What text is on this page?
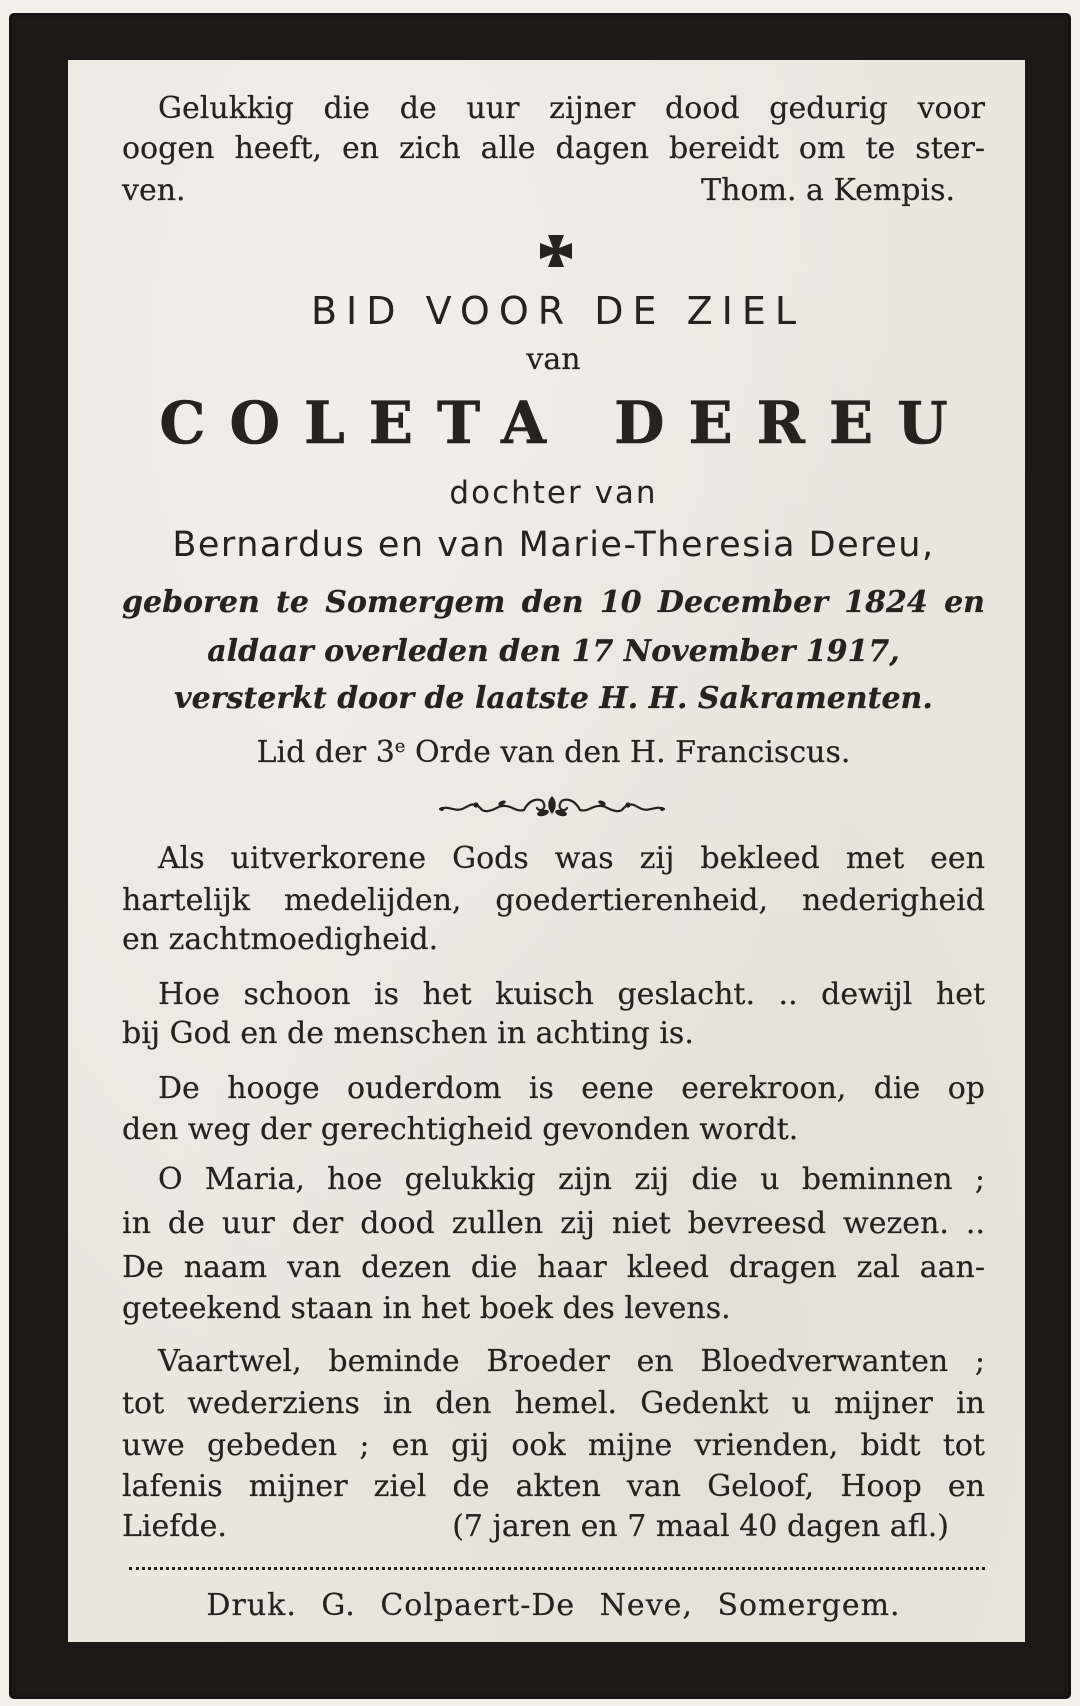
Gelukkig die de uur zijner dood gedurig voor
oogen heeft, en zich alle dagen bereidt om te ster-
ven.	Thom. a Kempis.
BID VOOR DE ZIEL
van
COLETA DEREU
dochter van
Bernardus en van Marie-Theresia Dereu,
geboren te Somergem den 10 December 1824 en
aldaar overleden den 17 November 1917,
versterkt door de laatste H. H. Sakramenten.
Lid der 3e Orde van den H. Franciscus.
Als uitverkorene Gods was zij bekleed met een
hartelijk medelijden, goedertierenheid, nederigheid
en zachtmoedigheid.
Hoe schoon is het kuisch geslacht. .. dewijl het
bij God en de menschen in achting is.
De hooge ouderdom is eene eerekroon, die op
den weg der gerechtigheid gevonden wordt.
O Maria, hoe gelukkig zijn zij die u beminnen ;
in de uur der dood zullen zij niet bevreesd wezen. ..
De naam van dezen die haar kleed dragen zal aan-
geteekend staan in het boek des levens.
Vaartwel, beminde Broeder en Bloedverwanten ;
tot wederziens in den hemel. Gedenkt u mijner in
uwe gebeden ; en gij ook mijne vrienden, bidt tot
lafenis mijner ziel de akten van Geloof, Hoop en
Liefde.	(7 jaren en 7 maal 40 dagen afl.)
Druk. G. Colpaert-De Neve, Somergem.
